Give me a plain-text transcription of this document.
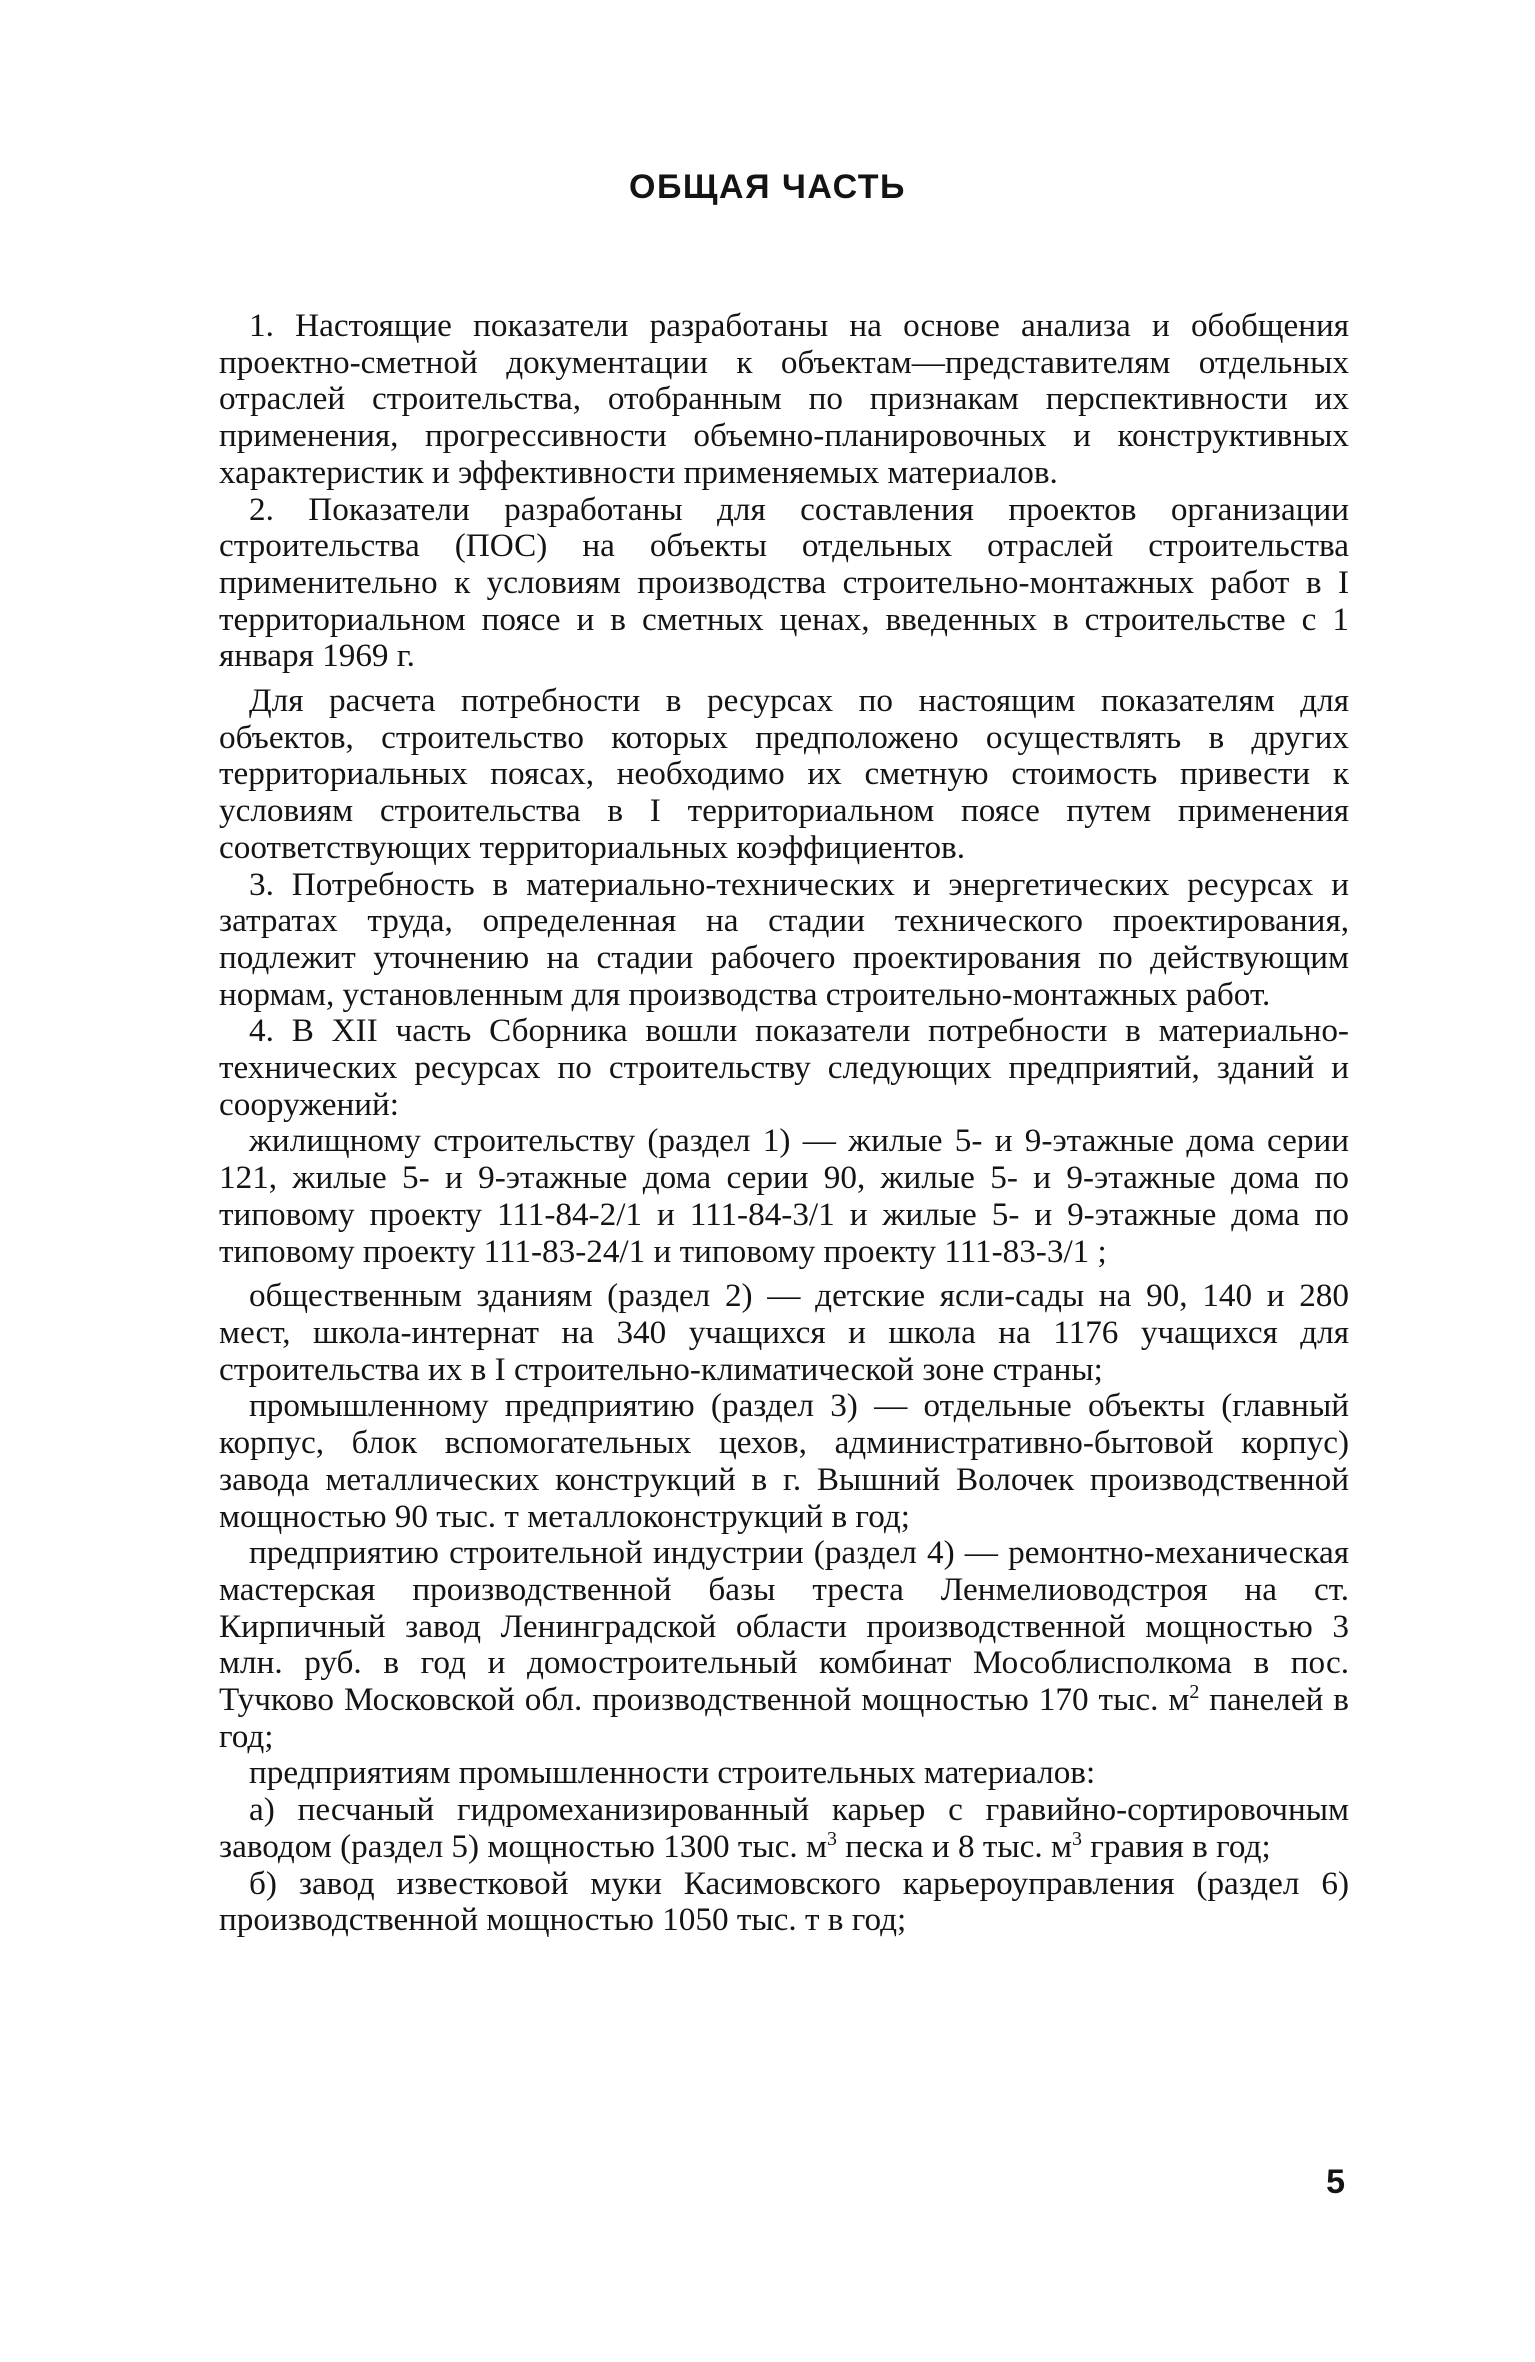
ОБЩАЯ ЧАСТЬ

1. Настоящие показатели разработаны на основе анализа и обобщения проектно-сметной документации к объектам—представителям отдельных отраслей строительства, отобранным по признакам перспективности их применения, прогрессивности объемно-планировочных и конструктивных характеристик и эффективности применяемых материалов.

2. Показатели разработаны для составления проектов организации строительства (ПОС) на объекты отдельных отраслей строительства применительно к условиям производства строительно-монтажных работ в I территориальном поясе и в сметных ценах, введенных в строительстве с 1 января 1969 г.

Для расчета потребности в ресурсах по настоящим показателям для объектов, строительство которых предположено осуществлять в других территориальных поясах, необходимо их сметную стоимость привести к условиям строительства в I территориальном поясе путем применения соответствующих территориальных коэффициентов.

3. Потребность в материально-технических и энергетических ресурсах и затратах труда, определенная на стадии технического проектирования, подлежит уточнению на стадии рабочего проектирования по действующим нормам, установленным для производства строительно-монтажных работ.

4. В XII часть Сборника вошли показатели потребности в материально-технических ресурсах по строительству следующих предприятий, зданий и сооружений:

жилищному строительству (раздел 1) — жилые 5- и 9-этажные дома серии 121, жилые 5- и 9-этажные дома серии 90, жилые 5- и 9-этажные дома по типовому проекту 111-84-2/1 и 111-84-3/1 и жилые 5- и 9-этажные дома по типовому проекту 111-83-24/1 и типовому проекту 111-83-3/1 ;

общественным зданиям (раздел 2) — детские ясли-сады на 90, 140 и 280 мест, школа-интернат на 340 учащихся и школа на 1176 учащихся для строительства их в I строительно-климатической зоне страны;

промышленному предприятию (раздел 3) — отдельные объекты (главный корпус, блок вспомогательных цехов, административно-бытовой корпус) завода металлических конструкций в г. Вышний Волочек производственной мощностью 90 тыс. т металлоконструкций в год;

предприятию строительной индустрии (раздел 4) — ремонтно-механическая мастерская производственной базы треста Ленмелиоводстроя на ст. Кирпичный завод Ленинградской области производственной мощностью 3 млн. руб. в год и домостроительный комбинат Мособлисполкома в пос. Тучково Московской обл. производственной мощностью 170 тыс. $м^2$ панелей в год;

предприятиям промышленности строительных материалов:

а) песчаный гидромеханизированный карьер с гравийно-сортировочным заводом (раздел 5) мощностью 1300 тыс. $м^3$ песка и 8 тыс. $м^3$ гравия в год;

б) завод известковой муки Касимовского карьероуправления (раздел 6) производственной мощностью 1050 тыс. т в год;

5
